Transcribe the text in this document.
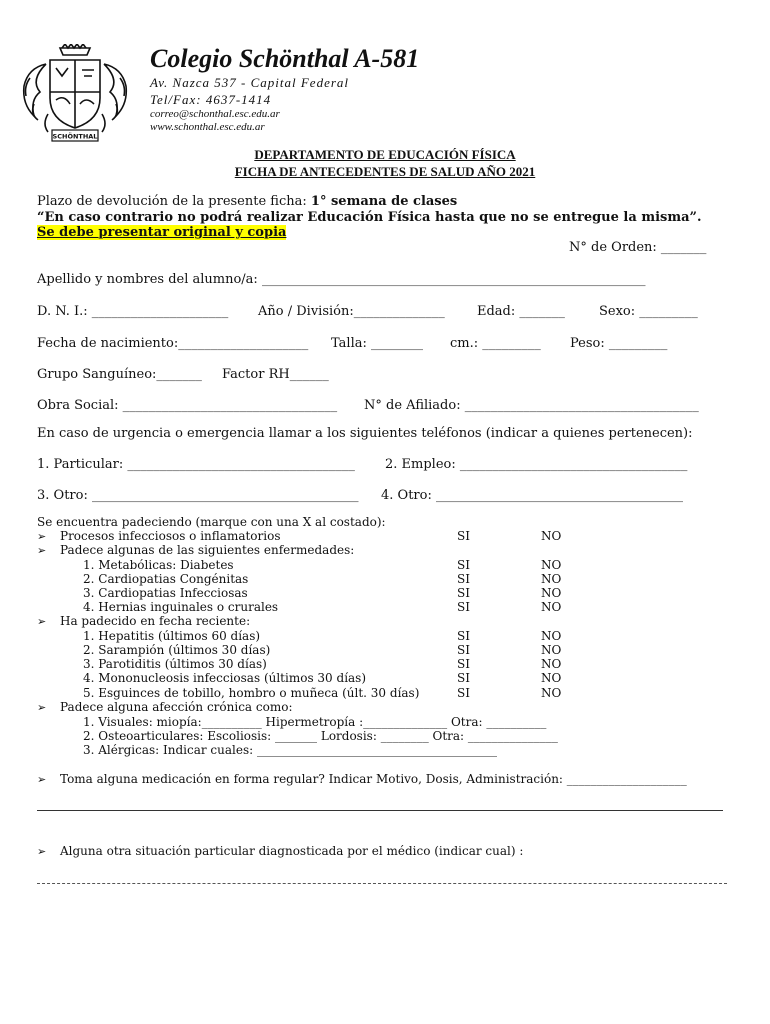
SCHÖNTHAL
Colegio Schönthal A-581
Av. Nazca 537 - Capital Federal
Tel/Fax: 4637-1414
correo@schonthal.esc.edu.ar
www.schonthal.esc.edu.ar
DEPARTAMENTO DE EDUCACIÓN FÍSICA
FICHA DE ANTECEDENTES DE SALUD AÑO 2021
Plazo de devolución de la presente ficha: 1° semana de clases
“En caso contrario no podrá realizar Educación Física hasta que no se entregue la misma”.
Se debe presentar original y copia
N° de Orden: _______
Apellido y nombres del alumno/a: ___________________________________________________________
D. N. I.: _____________________ Año / División:______________ Edad: _______	Sexo: _________
Fecha de nacimiento:____________________ Talla: ________ cm.: _________ Peso: _________
Grupo Sanguíneo:_______ Factor RH______
Obra Social: _________________________________ N° de Afiliado: ____________________________________
En caso de urgencia o emergencia llamar a los siguientes teléfonos (indicar a quienes pertenecen):
1. Particular: ___________________________________ 2. Empleo: ___________________________________
3. Otro: _________________________________________ 4. Otro: ______________________________________
Se encuentra padeciendo (marque con una X al costado):
➢ Procesos infecciosos o inflamatorios	SI	NO
➢ Padece algunas de las siguientes enfermedades:
1. Metabólicas: Diabetes	SI	NO
2. Cardiopatias Congénitas	SI	NO
3. Cardiopatias Infecciosas	SI	NO
4. Hernias inguinales o crurales	SI	NO
➢ Ha padecido en fecha reciente:
1. Hepatitis (últimos 60 días)	SI	NO
2. Sarampión (últimos 30 días)	SI	NO
3. Parotiditis (últimos 30 días)	SI	NO
4. Mononucleosis infecciosas (últimos 30 días)	SI	NO
5. Esguinces de tobillo, hombro o muñeca (últ. 30 días)	SI	NO
➢ Padece alguna afección crónica como:
1. Visuales: miopía:__________ Hipermetropía :______________ Otra: __________
2. Osteoarticulares: Escoliosis: _______ Lordosis: ________ Otra: _______________
3. Alérgicas: Indicar cuales: ________________________________________
➢ Toma alguna medicación en forma regular? Indicar Motivo, Dosis, Administración: ____________________
➢ Alguna otra situación particular diagnosticada por el médico (indicar cual) :
